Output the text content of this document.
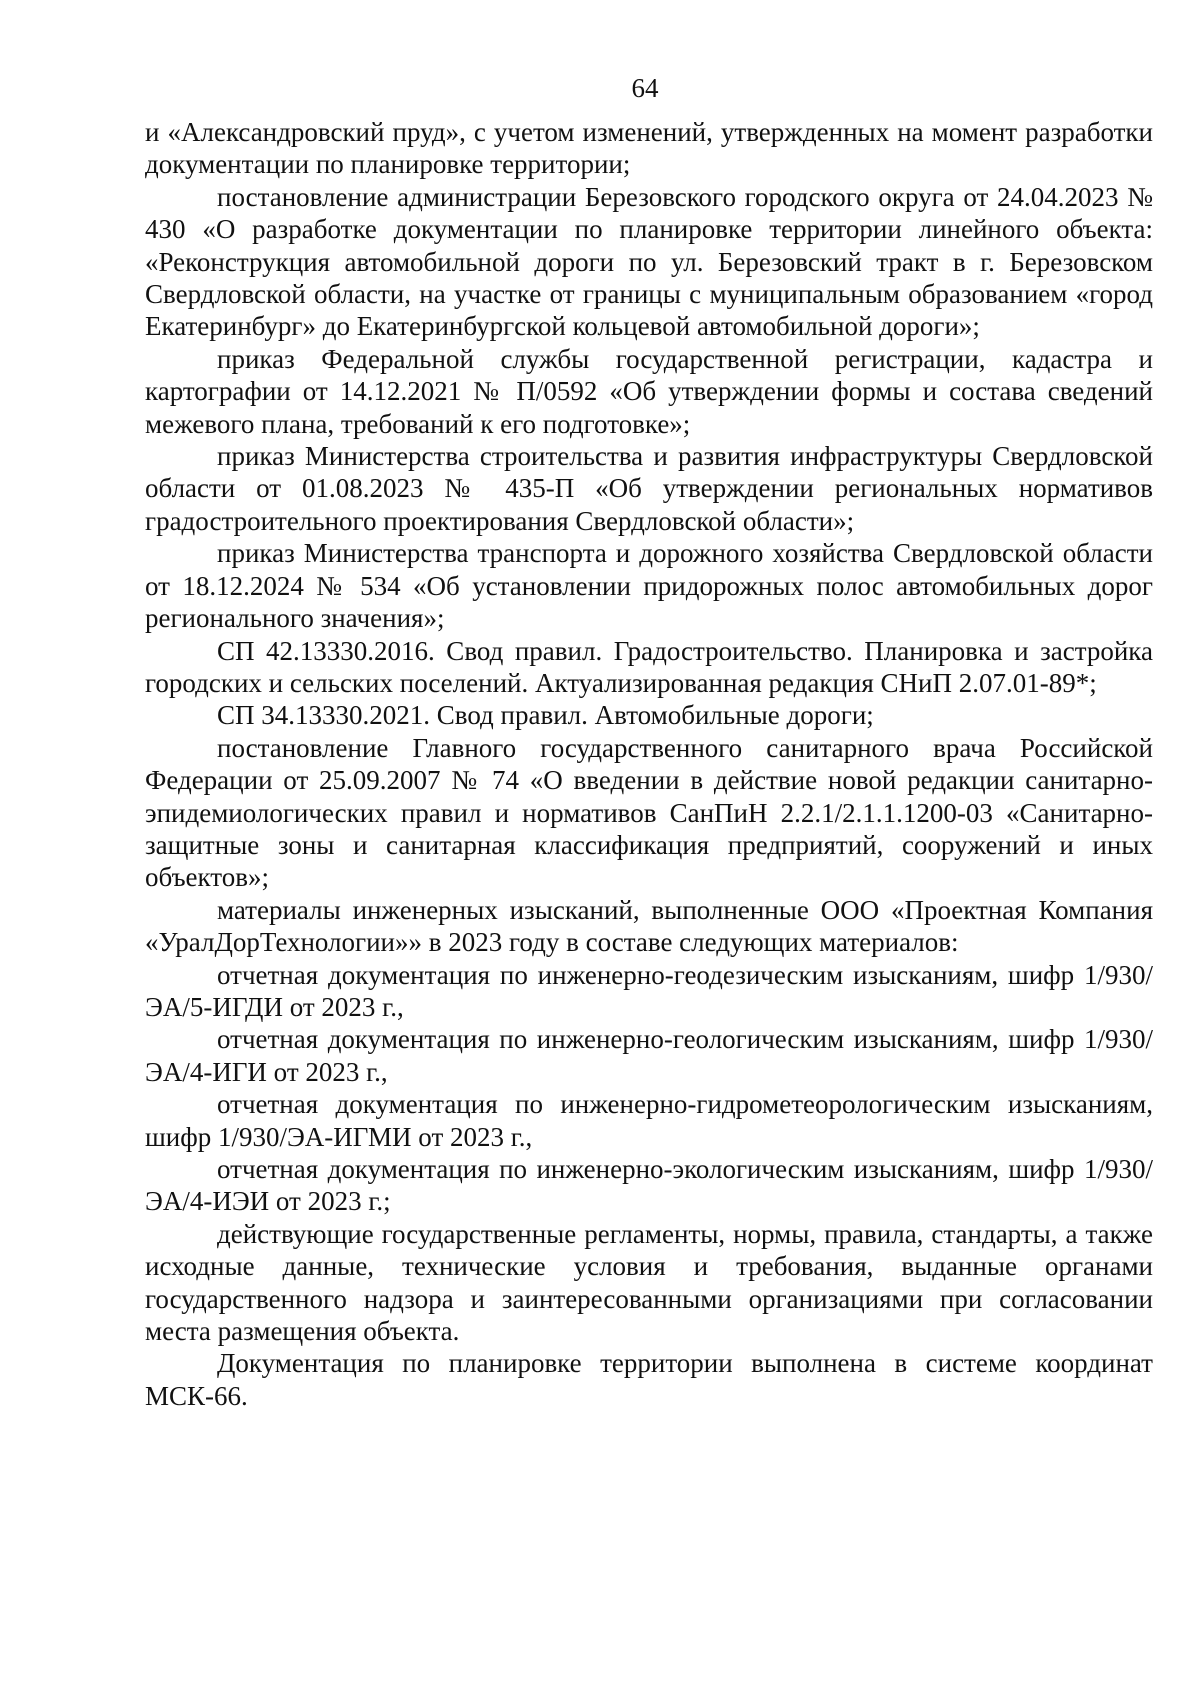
64

и «Александровский пруд», с учетом изменений, утвержденных на момент разработки документации по планировке территории;

постановление администрации Березовского городского округа от 24.04.2023 № 430 «О разработке документации по планировке территории линейного объекта: «Реконструкция автомобильной дороги по ул. Березовский тракт в г. Березовском Свердловской области, на участке от границы с муниципальным образованием «город Екатеринбург» до Екатеринбургской кольцевой автомобильной дороги»;

приказ Федеральной службы государственной регистрации, кадастра и картографии от 14.12.2021 № П/0592 «Об утверждении формы и состава сведений межевого плана, требований к его подготовке»;

приказ Министерства строительства и развития инфраструктуры Свердловской области от 01.08.2023 № 435-П «Об утверждении региональных нормативов градостроительного проектирования Свердловской области»;

приказ Министерства транспорта и дорожного хозяйства Свердловской области от 18.12.2024 № 534 «Об установлении придорожных полос автомобильных дорог регионального значения»;

СП 42.13330.2016. Свод правил. Градостроительство. Планировка и застройка городских и сельских поселений. Актуализированная редакция СНиП 2.07.01-89*;

СП 34.13330.2021. Свод правил. Автомобильные дороги;

постановление Главного государственного санитарного врача Российской Федерации от 25.09.2007 № 74 «О введении в действие новой редакции санитарно-эпидемиологических правил и нормативов СанПиН 2.2.1/2.1.1.1200-03 «Санитарно-защитные зоны и санитарная классификация предприятий, сооружений и иных объектов»;

материалы инженерных изысканий, выполненные ООО «Проектная Компания «УралДорТехнологии»» в 2023 году в составе следующих материалов:

отчетная документация по инженерно-геодезическим изысканиям, шифр 1/930/ЭА/5-ИГДИ от 2023 г.,

отчетная документация по инженерно-геологическим изысканиям, шифр 1/930/ЭА/4-ИГИ от 2023 г.,

отчетная документация по инженерно-гидрометеорологическим изысканиям, шифр 1/930/ЭА-ИГМИ от 2023 г.,

отчетная документация по инженерно-экологическим изысканиям, шифр 1/930/ЭА/4-ИЭИ от 2023 г.;

действующие государственные регламенты, нормы, правила, стандарты, а также исходные данные, технические условия и требования, выданные органами государственного надзора и заинтересованными организациями при согласовании места размещения объекта.

Документация по планировке территории выполнена в системе координат МСК-66.
